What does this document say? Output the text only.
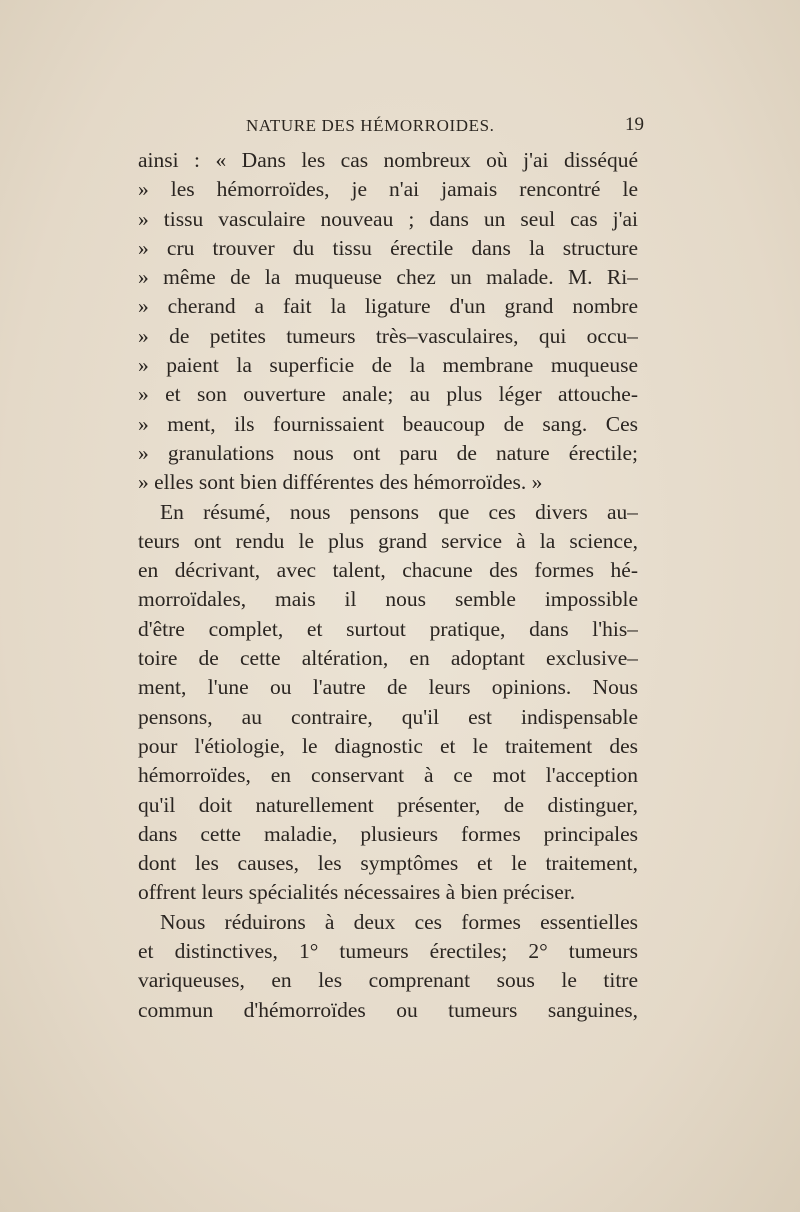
NATURE DES HÉMORROIDES.	19
ainsi : « Dans les cas nombreux où j'ai disséqué
» les hémorroïdes, je n'ai jamais rencontré le
» tissu vasculaire nouveau ; dans un seul cas j'ai
» cru trouver du tissu érectile dans la structure
» même de la muqueuse chez un malade. M. Ri–
» cherand a fait la ligature d'un grand nombre
» de petites tumeurs très–vasculaires, qui occu–
» paient la superficie de la membrane muqueuse
» et son ouverture anale; au plus léger attouche-
» ment, ils fournissaient beaucoup de sang. Ces
» granulations nous ont paru de nature érectile;
» elles sont bien différentes des hémorroïdes. »
En résumé, nous pensons que ces divers au–
teurs ont rendu le plus grand service à la science,
en décrivant, avec talent, chacune des formes hé-
morroïdales, mais il nous semble impossible
d'être complet, et surtout pratique, dans l'his–
toire de cette altération, en adoptant exclusive–
ment, l'une ou l'autre de leurs opinions. Nous
pensons, au contraire, qu'il est indispensable
pour l'étiologie, le diagnostic et le traitement des
hémorroïdes, en conservant à ce mot l'acception
qu'il doit naturellement présenter, de distinguer,
dans cette maladie, plusieurs formes principales
dont les causes, les symptômes et le traitement,
offrent leurs spécialités nécessaires à bien préciser.
Nous réduirons à deux ces formes essentielles
et distinctives, 1° tumeurs érectiles; 2° tumeurs
variqueuses, en les comprenant sous le titre
commun d'hémorroïdes ou tumeurs sanguines,
